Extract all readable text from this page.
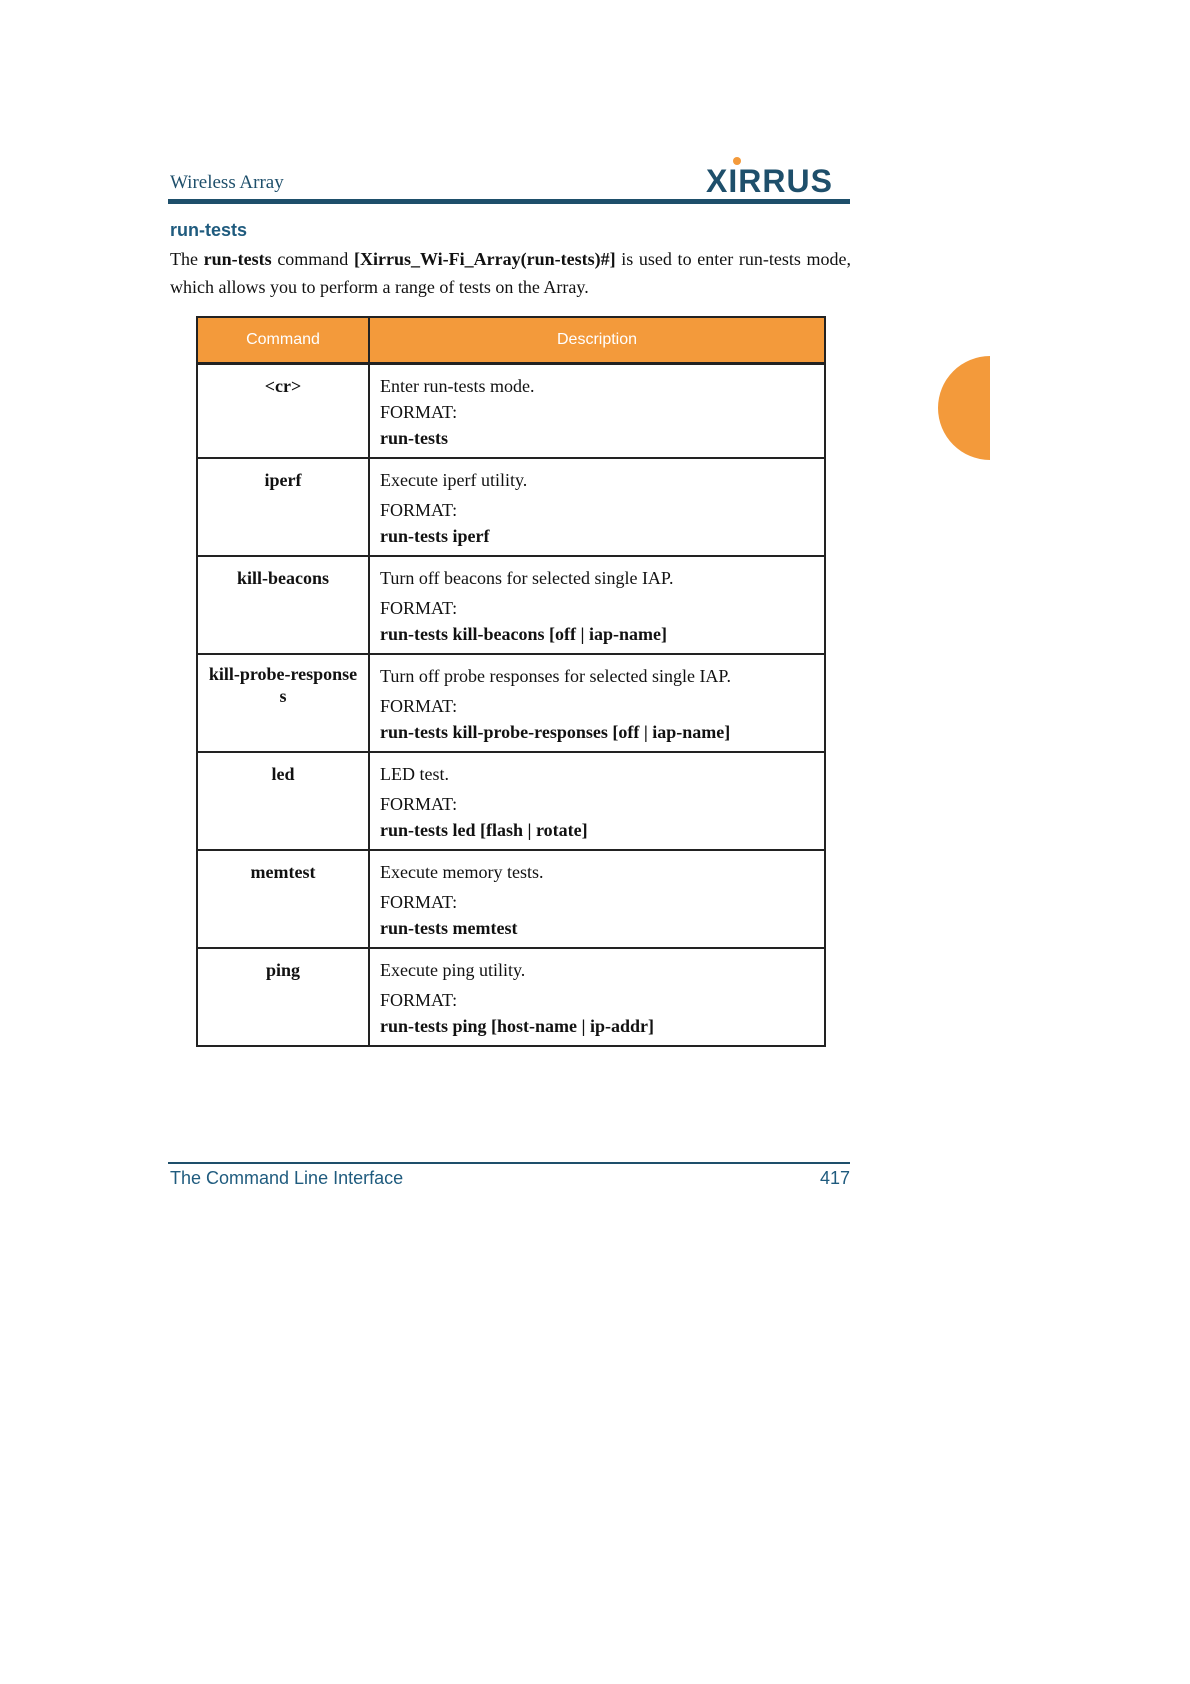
Wireless Array	XIRRUS
run-tests
The run-tests command [Xirrus_Wi-Fi_Array(run-tests)#] is used to enter run-tests mode, which allows you to perform a range of tests on the Array.
Command	Description
<cr>	Enter run-tests mode.
FORMAT:
run-tests

iperf	Execute iperf utility.
FORMAT:
run-tests iperf

kill-beacons	Turn off beacons for selected single IAP.
FORMAT:
run-tests kill-beacons [off | iap-name]

kill-probe-responses	Turn off probe responses for selected single IAP.
FORMAT:
run-tests kill-probe-responses [off | iap-name]

led	LED test.
FORMAT:
run-tests led [flash | rotate]

memtest	Execute memory tests.
FORMAT:
run-tests memtest

ping	Execute ping utility.
FORMAT:
run-tests ping [host-name | ip-addr]
The Command Line Interface	417
